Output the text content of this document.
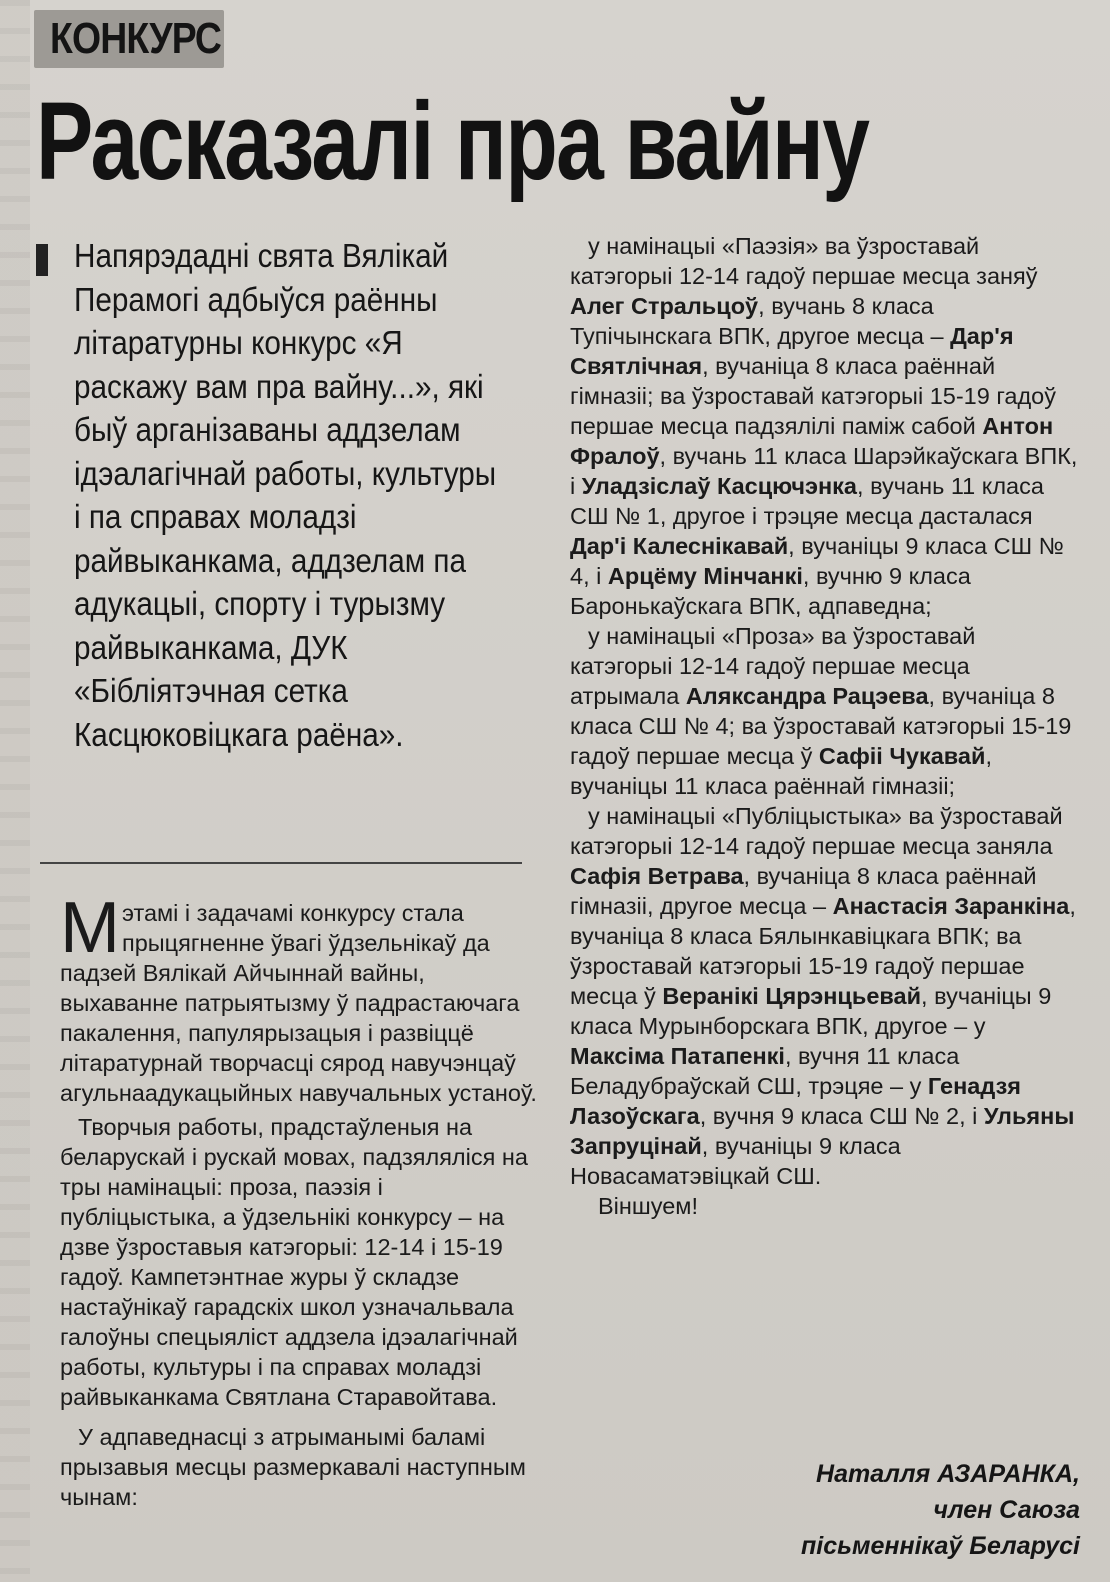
КОНКУРС
Расказалі пра вайну

Напярэдадні свята Вялікай Перамогі адбыўся раённы літаратурны конкурс «Я раскажу вам пра вайну...», які быў арганізаваны аддзелам ідэалагічнай работы, культуры і па справах моладзі райвыканкама, аддзелам па адукацыі, спорту і турызму райвыканкама, ДУК «Бібліятэчная сетка Касцюковіцкага раёна».

Мэтамі і задачамі конкурсу стала прыцягненне ўвагі ўдзельнікаў да падзей Вялікай Айчыннай вайны, выхаванне патрыятызму ў падрастаючага пакалення, папулярызацыя і развіццё літаратурнай творчасці сярод навучэнцаў агульнаадукацыйных навучальных устаноў.

Творчыя работы, прадстаўленыя на беларускай і рускай мовах, падзяляліся на тры намінацыі: проза, паэзія і публіцыстыка, а ўдзельнікі конкурсу – на дзве ўзроставыя катэгорыі: 12-14 і 15-19 гадоў. Кампетэнтнае журы ў складзе настаўнікаў гарадскіх школ узначальвала галоўны спецыяліст аддзела ідэалагічнай работы, культуры і па справах моладзі райвыканкама Святлана Старавойтава.

У адпаведнасці з атрыманымі баламі прызавыя месцы размеркавалі наступным чынам:

у намінацыі «Паэзія» ва ўзроставай катэгорыі 12-14 гадоў першае месца заняў Алег Стральцоў, вучань 8 класа Тупічынскага ВПК, другое месца – Дар'я Святлічная, вучаніца 8 класа раённай гімназіі; ва ўзроставай катэгорыі 15-19 гадоў першае месца падзялілі паміж сабой Антон Фралоў, вучань 11 класа Шарэйкаўскага ВПК, і Уладзіслаў Касцючэнка, вучань 11 класа СШ № 1, другое і трэцяе месца дасталася Дар'і Калеснікавай, вучаніцы 9 класа СШ № 4, і Арцёму Мінчанкі, вучню 9 класа Баронькаўскага ВПК, адпаведна;

у намінацыі «Проза» ва ўзроставай катэгорыі 12-14 гадоў першае месца атрымала Аляксандра Рацэева, вучаніца 8 класа СШ № 4; ва ўзроставай катэгорыі 15-19 гадоў першае месца ў Сафіі Чукавай, вучаніцы 11 класа раённай гімназіі;

у намінацыі «Публіцыстыка» ва ўзроставай катэгорыі 12-14 гадоў першае месца заняла Сафія Ветрава, вучаніца 8 класа раённай гімназіі, другое месца – Анастасія Заранкіна, вучаніца 8 класа Бялынкавіцкага ВПК; ва ўзроставай катэгорыі 15-19 гадоў першае месца ў Веранікі Цярэнцьевай, вучаніцы 9 класа Мурынборскага ВПК, другое – у Максіма Патапенкі, вучня 11 класа Беладубраўскай СШ, трэцяе – у Генадзя Лазоўскага, вучня 9 класа СШ № 2, і Ульяны Запруцінай, вучаніцы 9 класа Новасаматэвіцкай СШ.

Віншуем!

Наталля АЗАРАНКА,
член Саюза
пісьменнікаў Беларусі
